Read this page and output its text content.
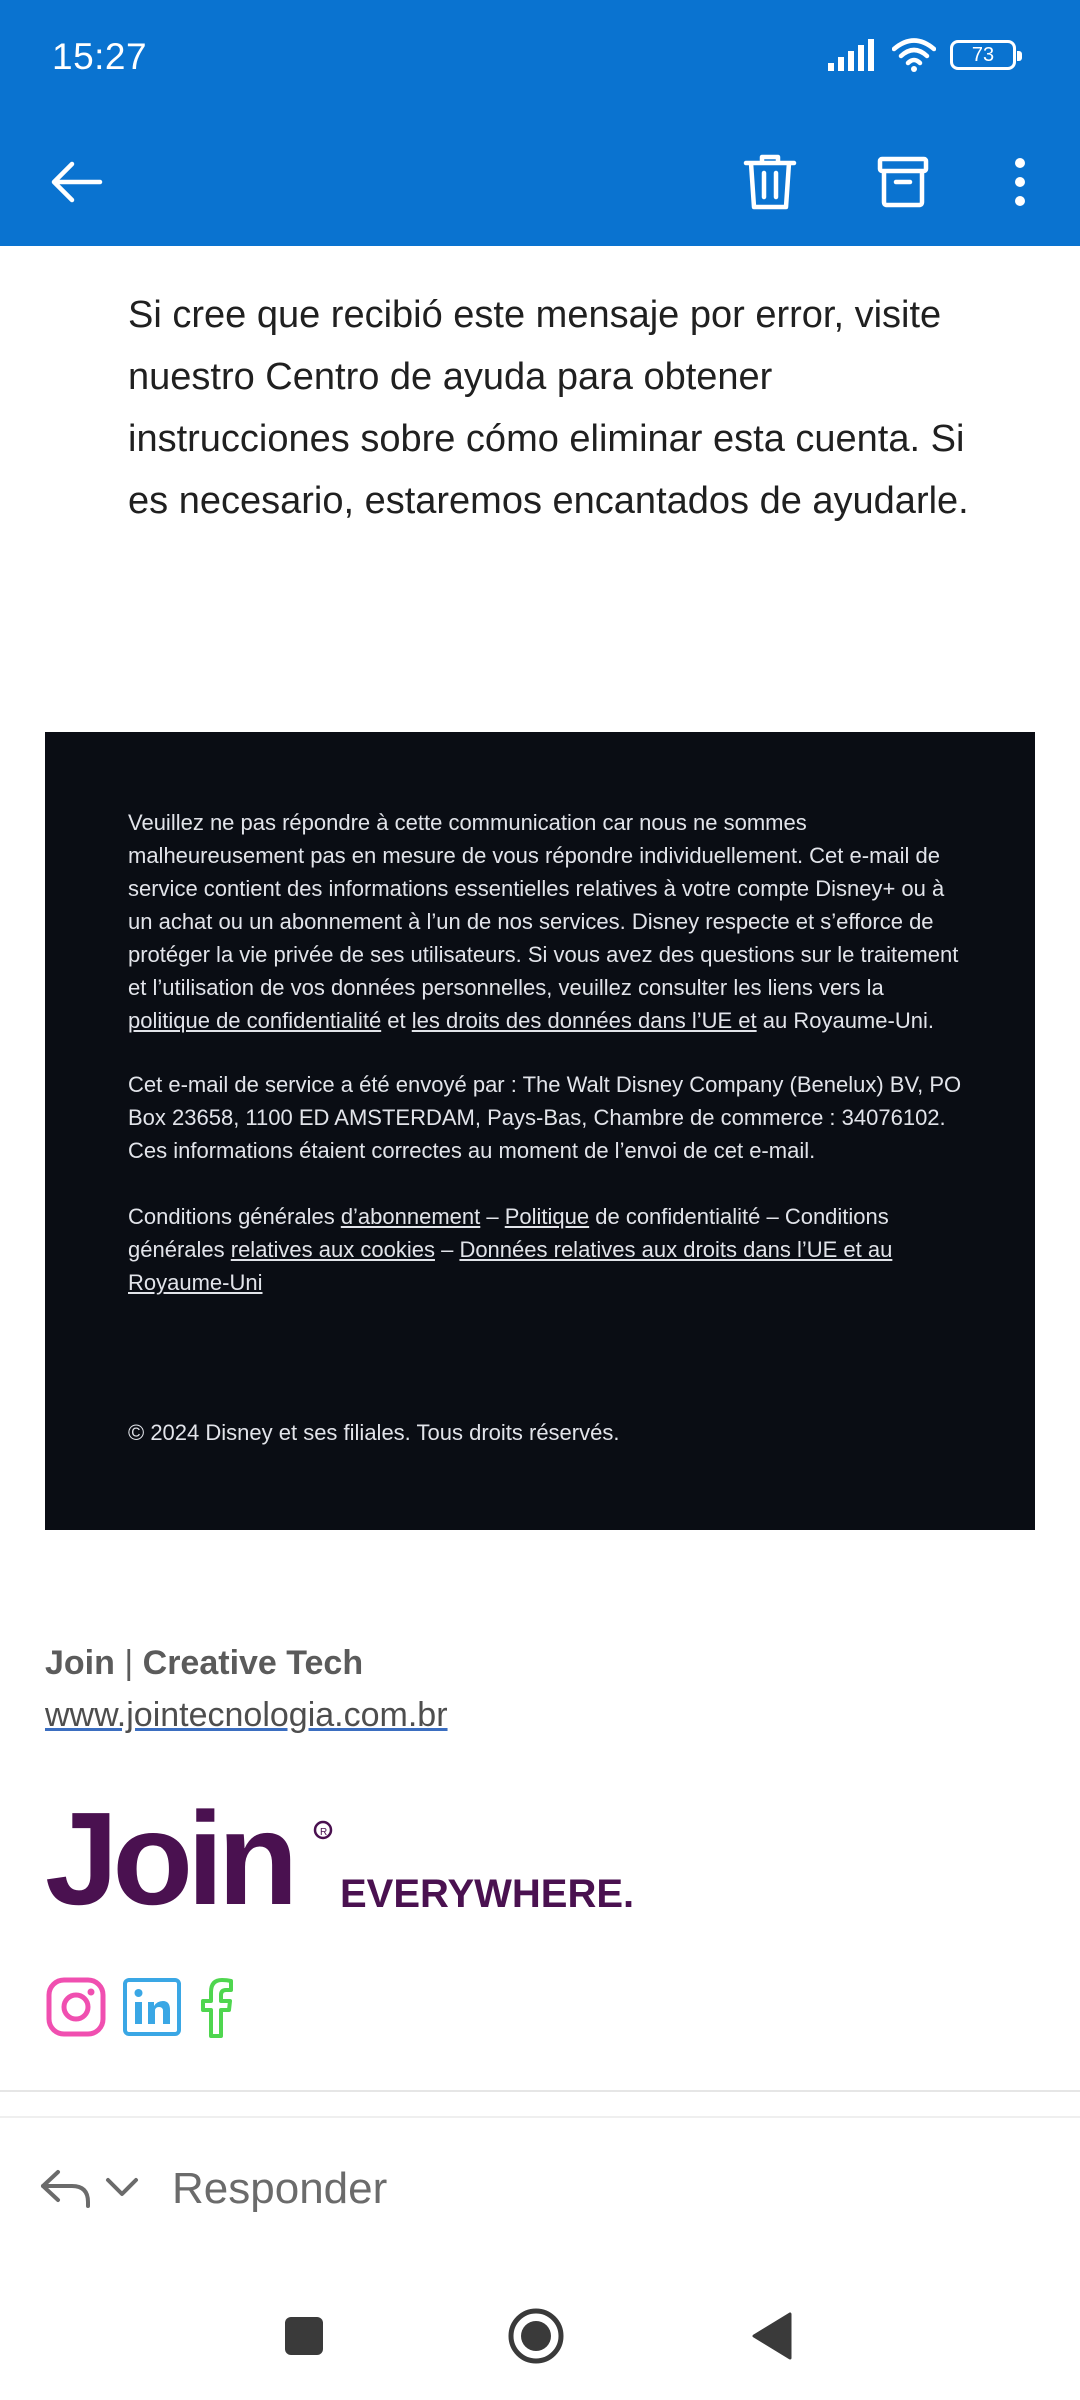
15:27	73
Si cree que recibió este mensaje por error, visite nuestro Centro de ayuda para obtener instrucciones sobre cómo eliminar esta cuenta. Si es necesario, estaremos encantados de ayudarle.

Veuillez ne pas répondre à cette communication car nous ne sommes malheureusement pas en mesure de vous répondre individuellement. Cet e-mail de service contient des informations essentielles relatives à votre compte Disney+ ou à un achat ou un abonnement à l’un de nos services. Disney respecte et s’efforce de protéger la vie privée de ses utilisateurs. Si vous avez des questions sur le traitement et l’utilisation de vos données personnelles, veuillez consulter les liens vers la politique de confidentialité et les droits des données dans l’UE et au Royaume-Uni.

Cet e-mail de service a été envoyé par : The Walt Disney Company (Benelux) BV, PO Box 23658, 1100 ED AMSTERDAM, Pays-Bas, Chambre de commerce : 34076102. Ces informations étaient correctes au moment de l’envoi de cet e-mail.

Conditions générales d’abonnement – Politique de confidentialité – Conditions générales relatives aux cookies – Données relatives aux droits dans l’UE et au Royaume-Uni

© 2024 Disney et ses filiales. Tous droits réservés.

Join | Creative Tech
www.jointecnologia.com.br
Join	R
EVERYWHERE.
Responder
